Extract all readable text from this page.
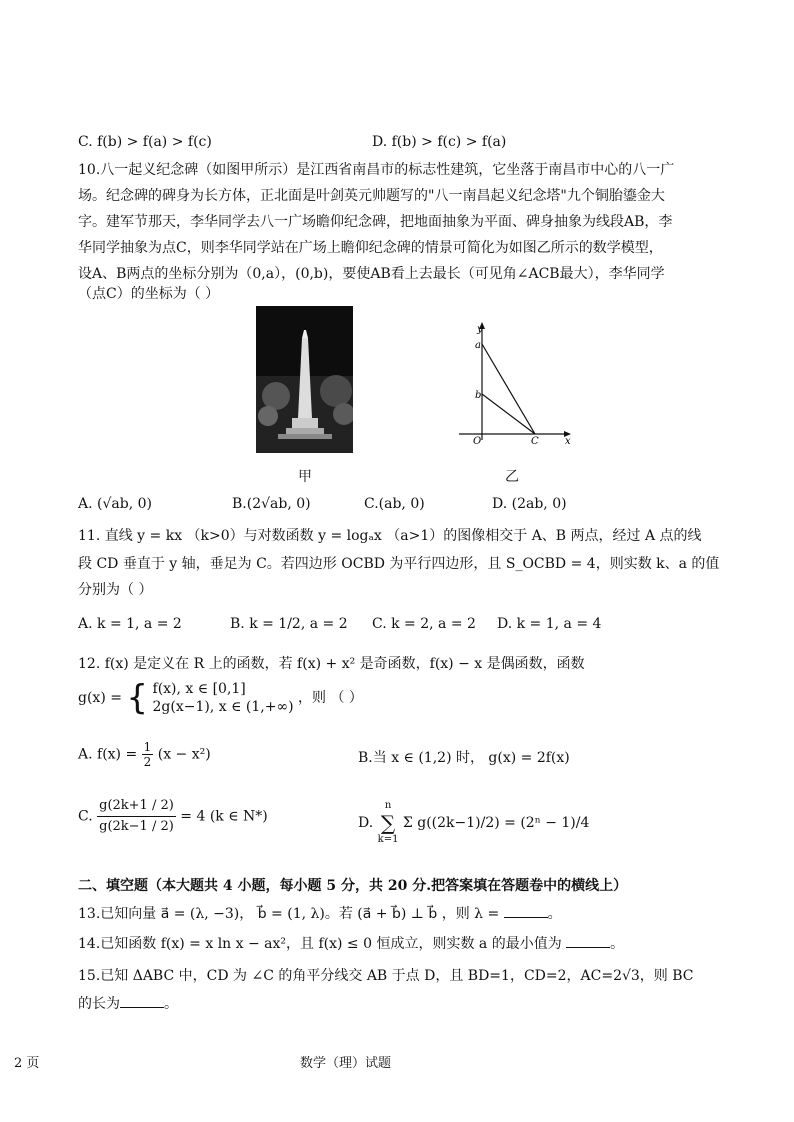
C. f(b) > f(a) > f(c)	D. f(b) > f(c) > f(a)
10.八一起义纪念碑（如图甲所示）是江西省南昌市的标志性建筑，它坐落于南昌市中心的八一广
场。纪念碑的碑身为长方体，正北面是叶剑英元帅题写的"八一南昌起义纪念塔"九个铜胎鎏金大
字。建军节那天，李华同学去八一广场瞻仰纪念碑，把地面抽象为平面、碑身抽象为线段AB，李
华同学抽象为点C，则李华同学站在广场上瞻仰纪念碑的情景可简化为如图乙所示的数学模型，
设A、B两点的坐标分别为（0,a），(0,b)，要使AB看上去最长（可见角∠ACB最大），李华同学
（点C）的坐标为（ ）
y
a
b
O	C	x
甲	乙
A. (√ab, 0)	B.(2√ab, 0)	C.(ab, 0)	D. (2ab, 0)
11. 直线 y = kx （k>0）与对数函数 y = logₐx （a>1）的图像相交于 A、B 两点，经过 A 点的线
段 CD 垂直于 y 轴，垂足为 C。若四边形 OCBD 为平行四边形，且 S_OCBD = 4，则实数 k、a 的值
分别为（ ）
A. k = 1, a = 2	B. k = 1/2, a = 2 C. k = 2, a = 2 D. k = 1, a = 4
12. f(x) 是定义在 R 上的函数，若 f(x) + x² 是奇函数，f(x) − x 是偶函数，函数
g(x) = { f(x), x ∈ [0,1]
2g(x−1), x ∈ (1,+∞)
，则 （ ）
A. $f(x) = \frac{1}{2} (x - x^2)$	B.当 x ∈ (1,2) 时， g(x) = 2f(x)
C. $\frac{g(2k+1 / 2)}{g(2k-1 / 2)} = 4$ (k ∈ N*)	D.
n
∑
k=1
Σ g((2k−1)/2) = (2ⁿ − 1)/4
二、填空题（本大题共 4 小题，每小题 5 分，共 20 分.把答案填在答题卷中的横线上）
13.已知向量 a⃗ = (λ, −3)， b⃗ = (1, λ)。若 (a⃗ + b⃗) ⊥ b⃗ ，则 λ =	。
14.已知函数 f(x) = x ln x − ax²，且 f(x) ≤ 0 恒成立，则实数 a 的最小值为	。
15.已知 ΔABC 中，CD 为 ∠C 的角平分线交 AB 于点 D，且 BD=1，CD=2，AC=2√3，则 BC
的长为	。
2 页	数学（理）试题
